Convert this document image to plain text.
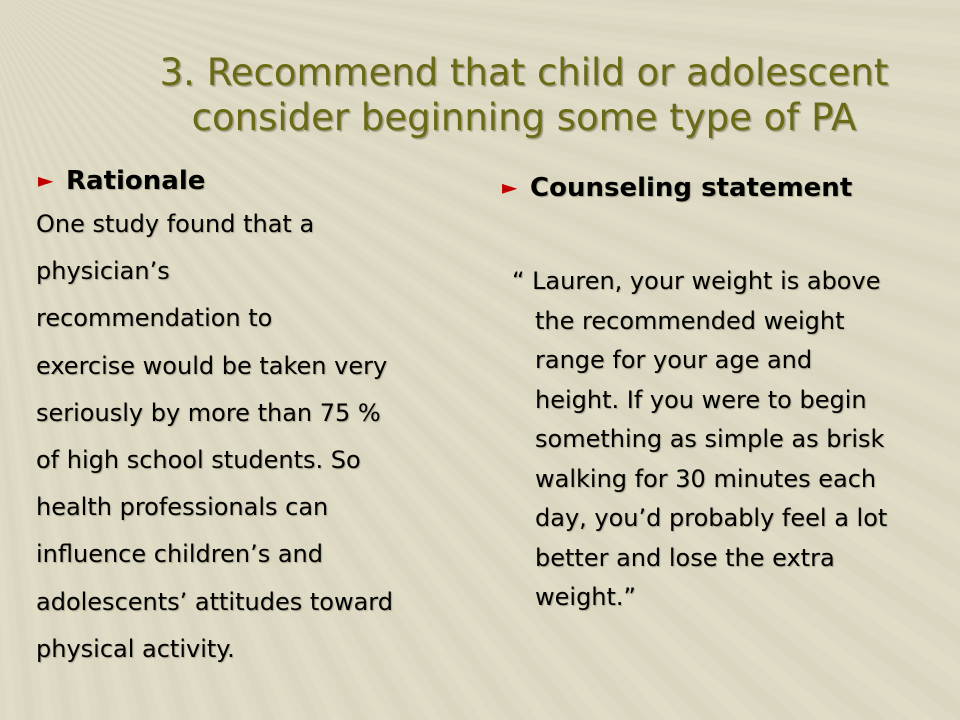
3. Recommend that child or adolescent
consider beginning some type of PA
► Rationale
One study found that a
physician’s
recommendation to
exercise would be taken very
seriously by more than 75 %
of high school students. So
health professionals can
influence children’s and
adolescents’ attitudes toward
physical activity.
► Counseling statement
“ Lauren, your weight is above
the recommended weight
range for your age and
height. If you were to begin
something as simple as brisk
walking for 30 minutes each
day, you’d probably feel a lot
better and lose the extra
weight.”
